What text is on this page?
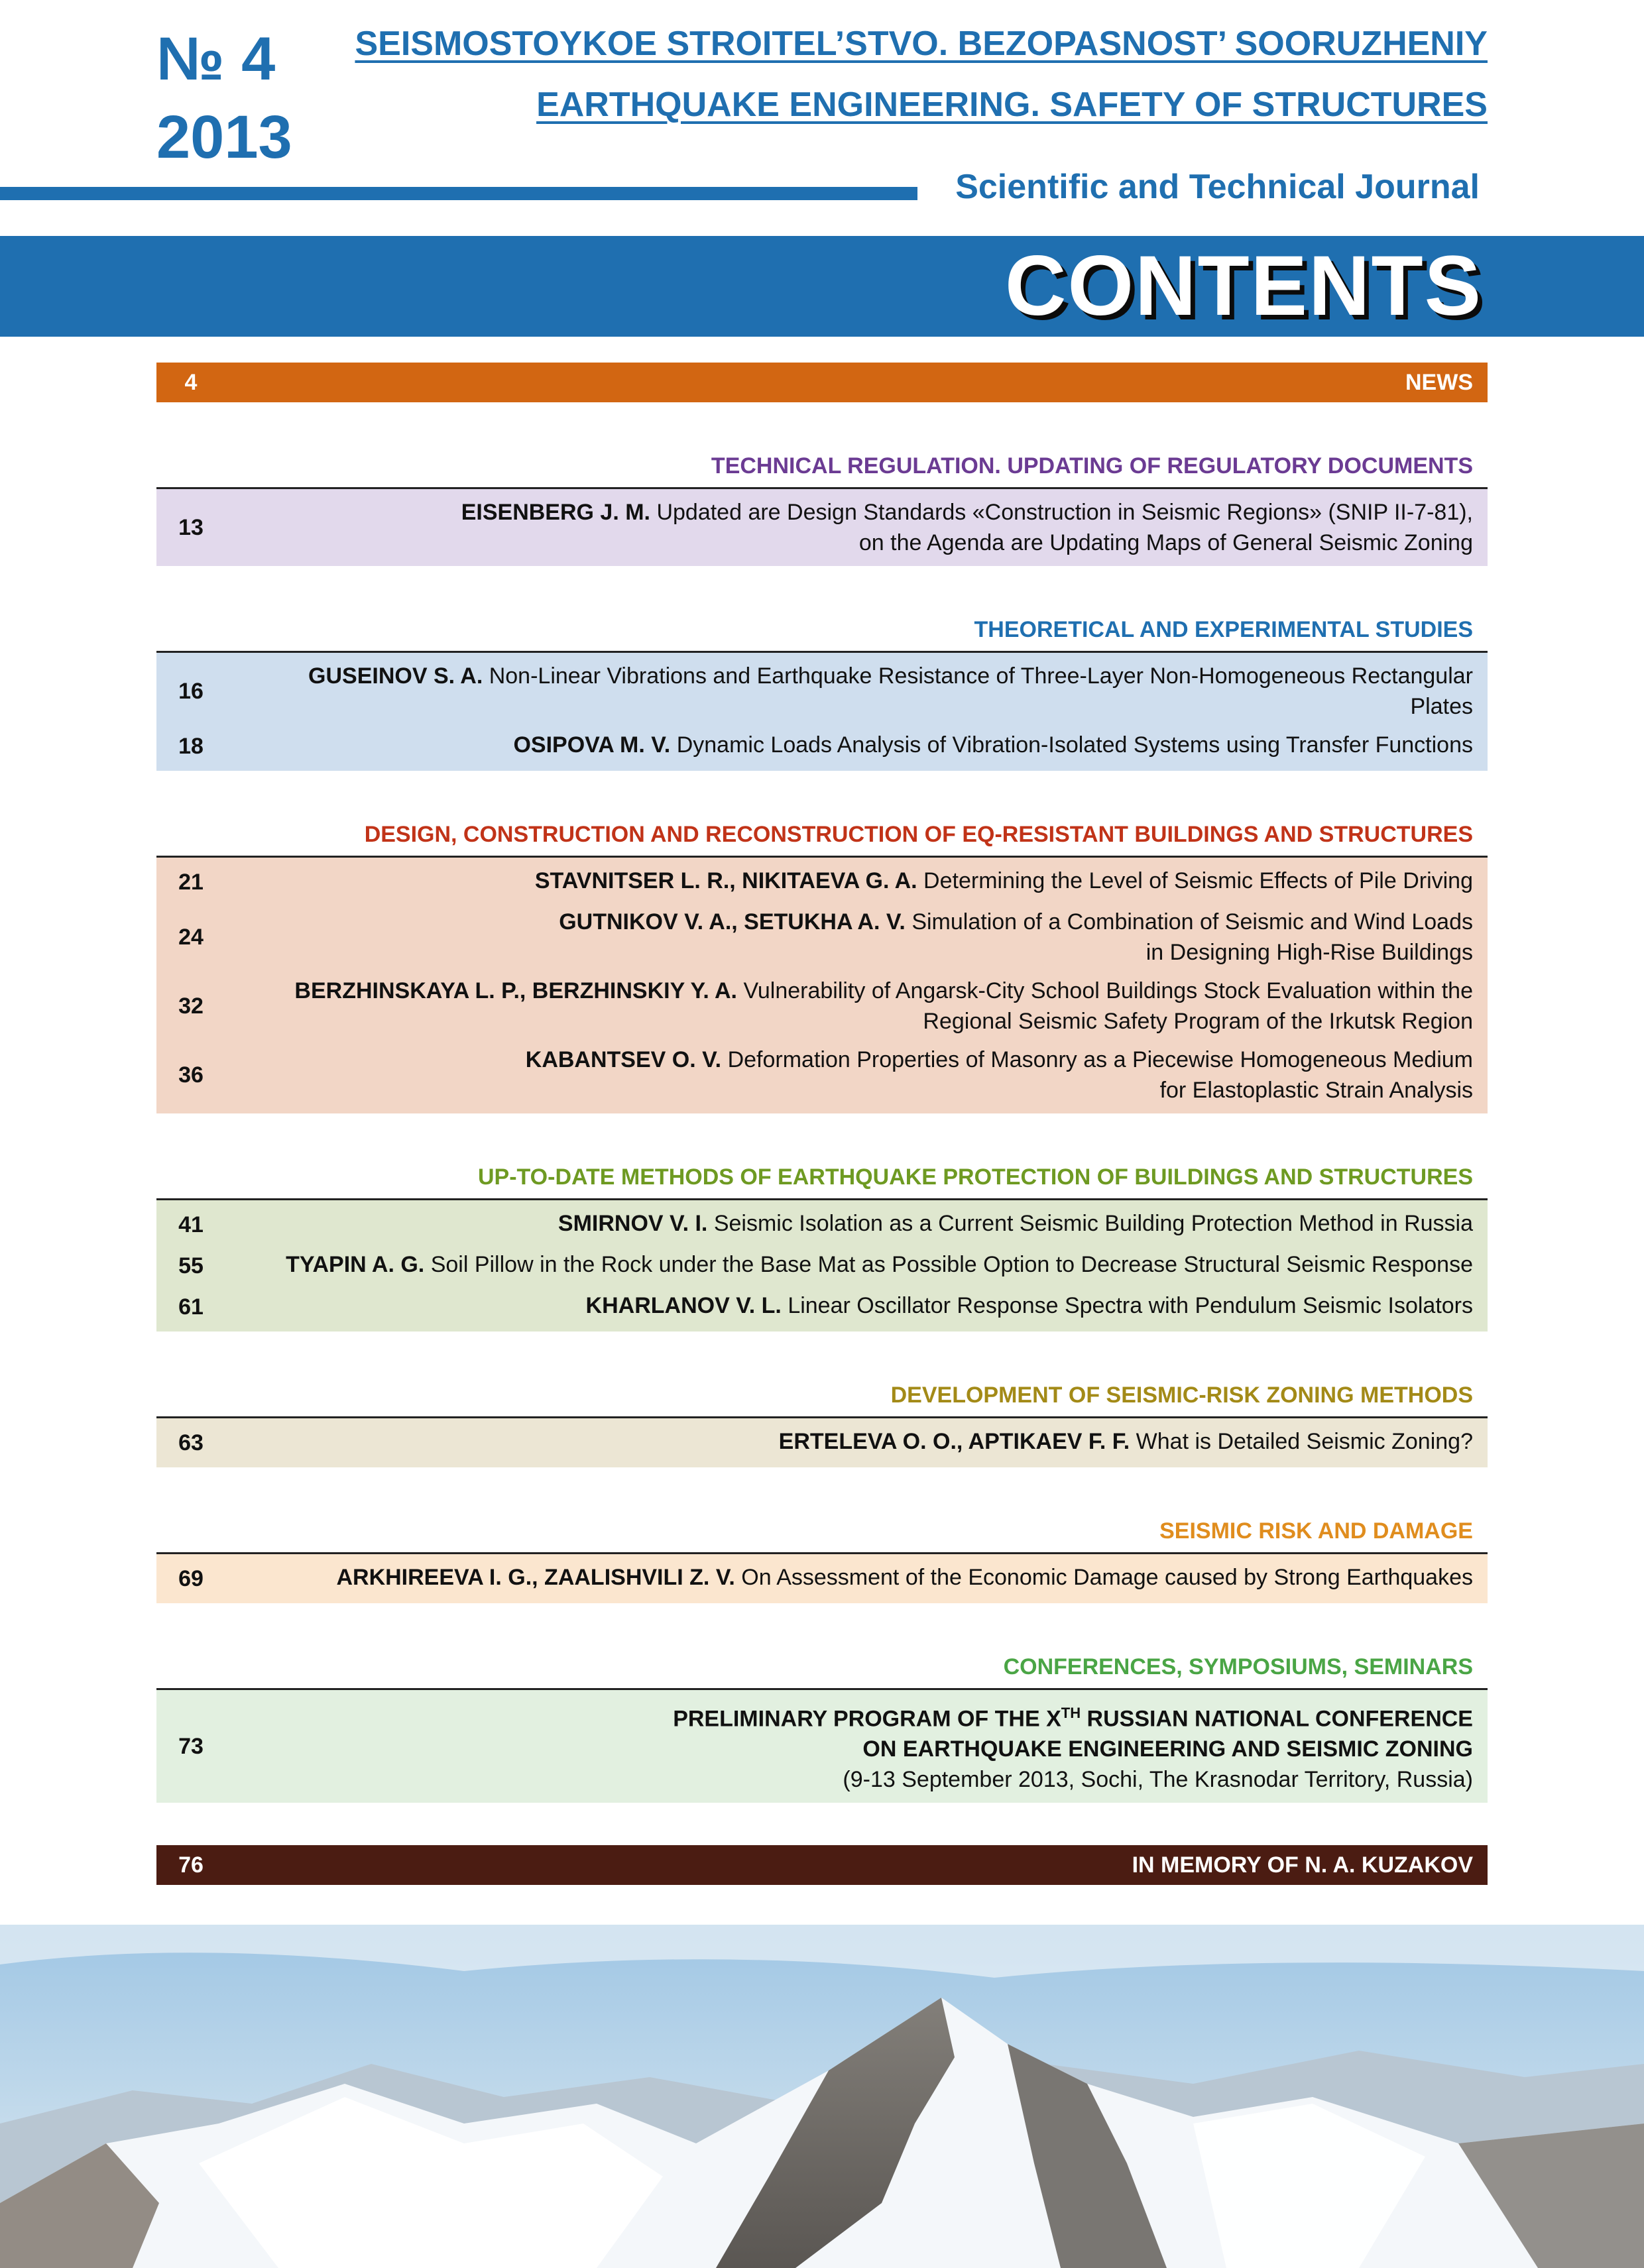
№ 4
2013
SEISMOSTOYKOE STROITEL’STVO. BEZOPASNOST’ SOORUZHENIY
EARTHQUAKE ENGINEERING. SAFETY OF STRUCTURES
Scientific and Technical Journal
CONTENTS
4	NEWS
TECHNICAL REGULATION. UPDATING OF REGULATORY DOCUMENTS
13
EISENBERG J. M. Updated are Design Standards «Construction in Seismic Regions» (SNIP II-7-81),
on the Agenda are Updating Maps of General Seismic Zoning
THEORETICAL AND EXPERIMENTAL STUDIES
16
GUSEINOV S. A. Non-Linear Vibrations and Earthquake Resistance of Three-Layer Non-Homogeneous Rectangular Plates
18	OSIPOVA M. V. Dynamic Loads Analysis of Vibration-Isolated Systems using Transfer Functions
DESIGN, CONSTRUCTION AND RECONSTRUCTION OF EQ-RESISTANT BUILDINGS AND STRUCTURES
21	STAVNITSER L. R., NIKITAEVA G. A. Determining the Level of Seismic Effects of Pile Driving
24
GUTNIKOV V. A., SETUKHA A. V. Simulation of a Combination of Seismic and Wind Loads
in Designing High-Rise Buildings
32
BERZHINSKAYA L. P., BERZHINSKIY Y. A. Vulnerability of Angarsk-City School Buildings Stock Evaluation within the
Regional Seismic Safety Program of the Irkutsk Region
36
KABANTSEV O. V. Deformation Properties of Masonry as a Piecewise Homogeneous Medium
for Elastoplastic Strain Analysis
UP-TO-DATE METHODS OF EARTHQUAKE PROTECTION OF BUILDINGS AND STRUCTURES
41	SMIRNOV V. I. Seismic Isolation as a Current Seismic Building Protection Method in Russia
55	TYAPIN A. G. Soil Pillow in the Rock under the Base Mat as Possible Option to Decrease Structural Seismic Response
61	KHARLANOV V. L. Linear Oscillator Response Spectra with Pendulum Seismic Isolators
DEVELOPMENT OF SEISMIC-RISK ZONING METHODS
63	ERTELEVA O. O., APTIKAEV F. F. What is Detailed Seismic Zoning?
SEISMIC RISK AND DAMAGE
69	ARKHIREEVA I. G., ZAALISHVILI Z. V. On Assessment of the Economic Damage caused by Strong Earthquakes
CONFERENCES, SYMPOSIUMS, SEMINARS
73
PRELIMINARY PROGRAM OF THE XTH RUSSIAN NATIONAL CONFERENCE
ON EARTHQUAKE ENGINEERING AND SEISMIC ZONING
(9-13 September 2013, Sochi, The Krasnodar Territory, Russia)
76	IN MEMORY OF N. A. KUZAKOV
